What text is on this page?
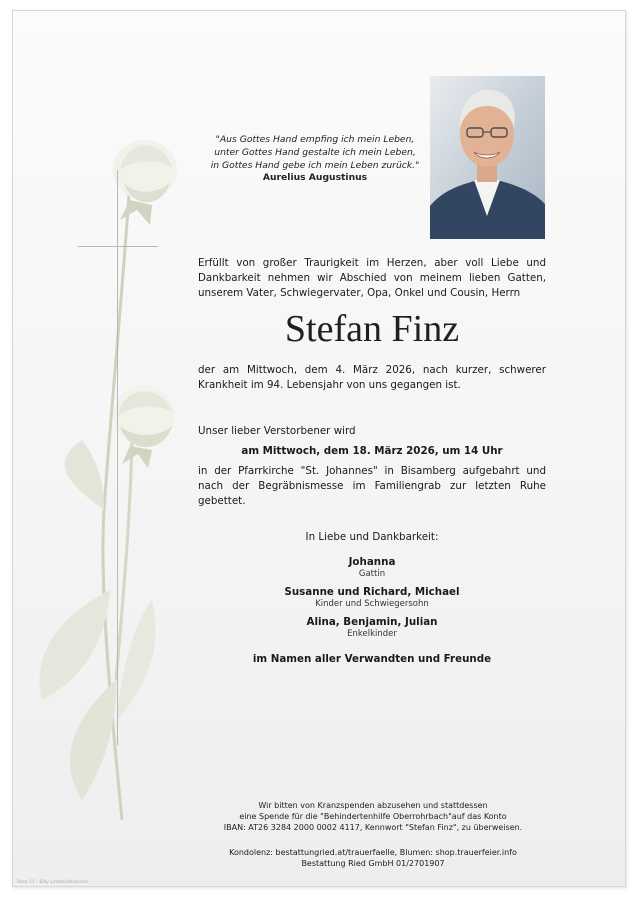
"Aus Gottes Hand empfing ich mein Leben,
unter Gottes Hand gestalte ich mein Leben,
in Gottes Hand gebe ich mein Leben zurück."
Aurelius Augustinus
Erfüllt von großer Traurigkeit im Herzen, aber voll Liebe und Dankbarkeit nehmen wir Abschied von meinem lieben Gatten, unserem Vater, Schwiegervater, Opa, Onkel und Cousin, Herrn
Stefan Finz
der am Mittwoch, dem 4. März 2026, nach kurzer, schwerer Krankheit im 94. Lebensjahr von uns gegangen ist.
Unser lieber Verstorbener wird
am Mittwoch, dem 18. März 2026, um 14 Uhr
in der Pfarrkirche "St. Johannes" in Bisamberg aufgebahrt und nach der Begräbnismesse im Familiengrab zur letzten Ruhe gebettet.
In Liebe und Dankbarkeit:
Johanna
Gattin
Susanne und Richard, Michael
Kinder und Schwiegersohn
Alina, Benjamin, Julian
Enkelkinder
im Namen aller Verwandten und Freunde
Wir bitten von Kranzspenden abzusehen und stattdessen
eine Spende für die "Behindertenhilfe Oberrohrbach"auf das Konto
IBAN: AT26 3284 2000 0002 4117, Kennwort "Stefan Finz", zu überweisen.
Kondolenz: bestattungried.at/trauerfaelle, Blumen: shop.trauerfeier.info
Bestattung Ried GmbH 01/2701907
Rose 11 - Billy Lindmüdeutsche
